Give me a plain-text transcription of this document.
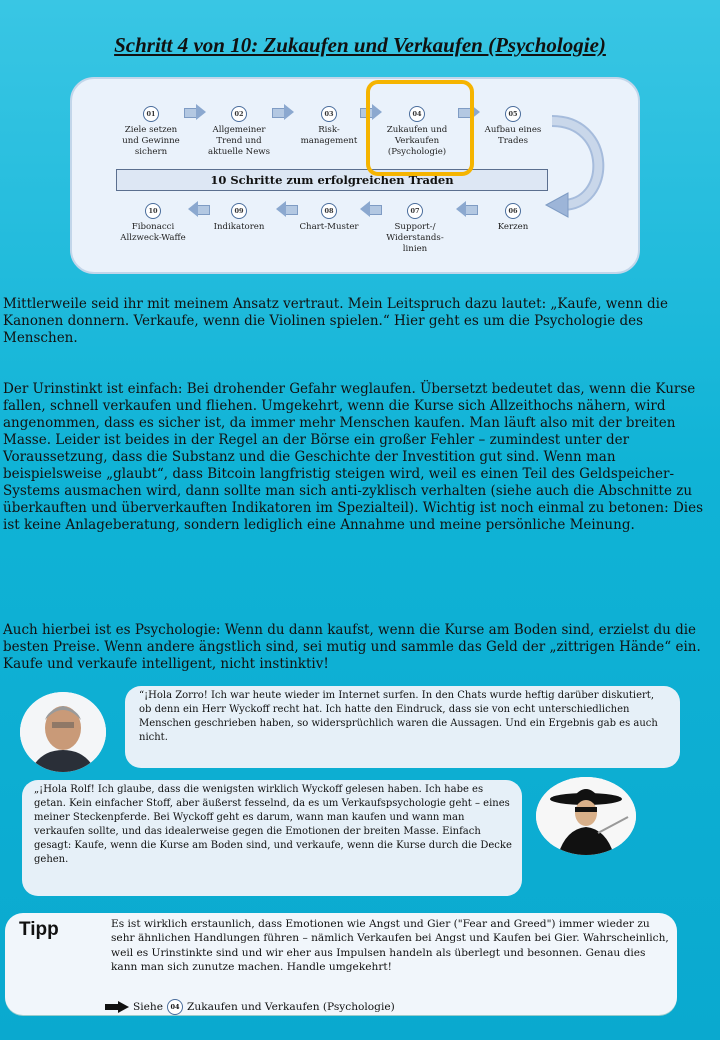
Schritt 4 von 10: Zukaufen und Verkaufen (Psychologie)
01
Ziele setzen und Gewinne sichern
02
Allgemeiner Trend und aktuelle News
03
Risk-management
04
Zukaufen und Verkaufen (Psychologie)
05
Aufbau eines Trades
10 Schritte zum erfolgreichen Traden
10
Fibonacci Allzweck-Waffe
09
Indikatoren
08
Chart-Muster
07
Support-/ Widerstands-linien
06
Kerzen

Mittlerweile seid ihr mit meinem Ansatz vertraut. Mein Leitspruch dazu lautet: „Kaufe, wenn die Kanonen donnern. Verkaufe, wenn die Violinen spielen.“ Hier geht es um die Psychologie des Menschen.

Der Urinstinkt ist einfach: Bei drohender Gefahr weglaufen. Übersetzt bedeutet das, wenn die Kurse fallen, schnell verkaufen und fliehen. Umgekehrt, wenn die Kurse sich Allzeithochs nähern, wird angenommen, dass es sicher ist, da immer mehr Menschen kaufen. Man läuft also mit der breiten Masse. Leider ist beides in der Regel an der Börse ein großer Fehler – zumindest unter der Voraussetzung, dass die Substanz und die Geschichte der Investition gut sind. Wenn man beispielsweise „glaubt“, dass Bitcoin langfristig steigen wird, weil es einen Teil des Geldspeicher-Systems ausmachen wird, dann sollte man sich anti-zyklisch verhalten (siehe auch die Abschnitte zu überkauften und überverkauften Indikatoren im Spezialteil). Wichtig ist noch einmal zu betonen: Dies ist keine Anlageberatung, sondern lediglich eine Annahme und meine persönliche Meinung.

Auch hierbei ist es Psychologie: Wenn du dann kaufst, wenn die Kurse am Boden sind, erzielst du die besten Preise. Wenn andere ängstlich sind, sei mutig und sammle das Geld der „zittrigen Hände“ ein. Kaufe und verkaufe intelligent, nicht instinktiv!

“¡Hola Zorro! Ich war heute wieder im Internet surfen. In den Chats wurde heftig darüber diskutiert, ob denn ein Herr Wyckoff recht hat. Ich hatte den Eindruck, dass sie von echt unterschiedlichen Menschen geschrieben haben, so widersprüchlich waren die Aussagen. Und ein Ergebnis gab es auch nicht.
„¡Hola Rolf! Ich glaube, dass die wenigsten wirklich Wyckoff gelesen haben. Ich habe es getan. Kein einfacher Stoff, aber äußerst fesselnd, da es um Verkaufspsychologie geht – eines meiner Steckenpferde. Bei Wyckoff geht es darum, wann man kaufen und wann man verkaufen sollte, und das idealerweise gegen die Emotionen der breiten Masse. Einfach gesagt: Kaufe, wenn die Kurse am Boden sind, und verkaufe, wenn die Kurse durch die Decke gehen.
Tipp	Es ist wirklich erstaunlich, dass Emotionen wie Angst und Gier ("Fear and Greed") immer wieder zu sehr ähnlichen Handlungen führen – nämlich Verkaufen bei Angst und Kaufen bei Gier. Wahrscheinlich, weil es Urinstinkte sind und wir eher aus Impulsen handeln als überlegt und besonnen. Genau dies kann man sich zunutze machen. Handle umgekehrt!

Siehe	04 Zukaufen und Verkaufen (Psychologie)
